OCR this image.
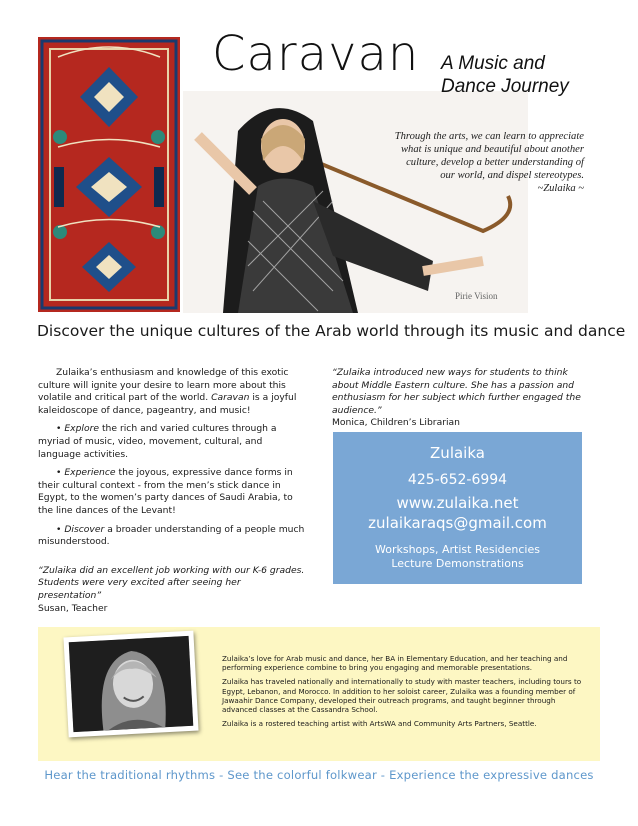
Caravan A Music and
Dance Journey
Through the arts, we can learn to appreciate
what is unique and beautiful about another
culture, develop a better understanding of
our world, and dispel stereotypes.
~Zulaika ~
Pirie Vision
Discover the unique cultures of the Arab world through its music and dance

Zulaika’s enthusiasm and knowledge of this exotic culture will ignite your desire to learn more about this volatile and critical part of the world. Caravan is a joyful kaleidoscope of dance, pageantry, and music!

• Explore the rich and varied cultures through a myriad of music, video, movement, cultural, and language activities.

• Experience the joyous, expressive dance forms in their cultural context - from the men’s stick dance in Egypt, to the women’s party dances of Saudi Arabia, to the line dances of the Levant!

• Discover a broader understanding of a people much misunderstood.

“Zulaika did an excellent job working with our K-6 grades. Students were very excited after seeing her presentation”
Susan, Teacher
“Zulaika introduced new ways for students to think about Middle Eastern culture. She has a passion and enthusiasm for her subject which further engaged the audience.”
Monica, Children’s Librarian
Zulaika
425-652-6994
www.zulaika.net
zulaikaraqs@gmail.com
Workshops, Artist Residencies
Lecture Demonstrations

Zulaika’s love for Arab music and dance, her BA in Elementary Education, and her teaching and performing experience combine to bring you engaging and memorable presentations.

Zulaika has traveled nationally and internationally to study with master teachers, including tours to Egypt, Lebanon, and Morocco. In addition to her soloist career, Zulaika was a founding member of Jawaahir Dance Company, developed their outreach programs, and taught beginner through advanced classes at the Cassandra School.

Zulaika is a rostered teaching artist with ArtsWA and Community Arts Partners, Seattle.

Hear the traditional rhythms - See the colorful folkwear - Experience the expressive dances
